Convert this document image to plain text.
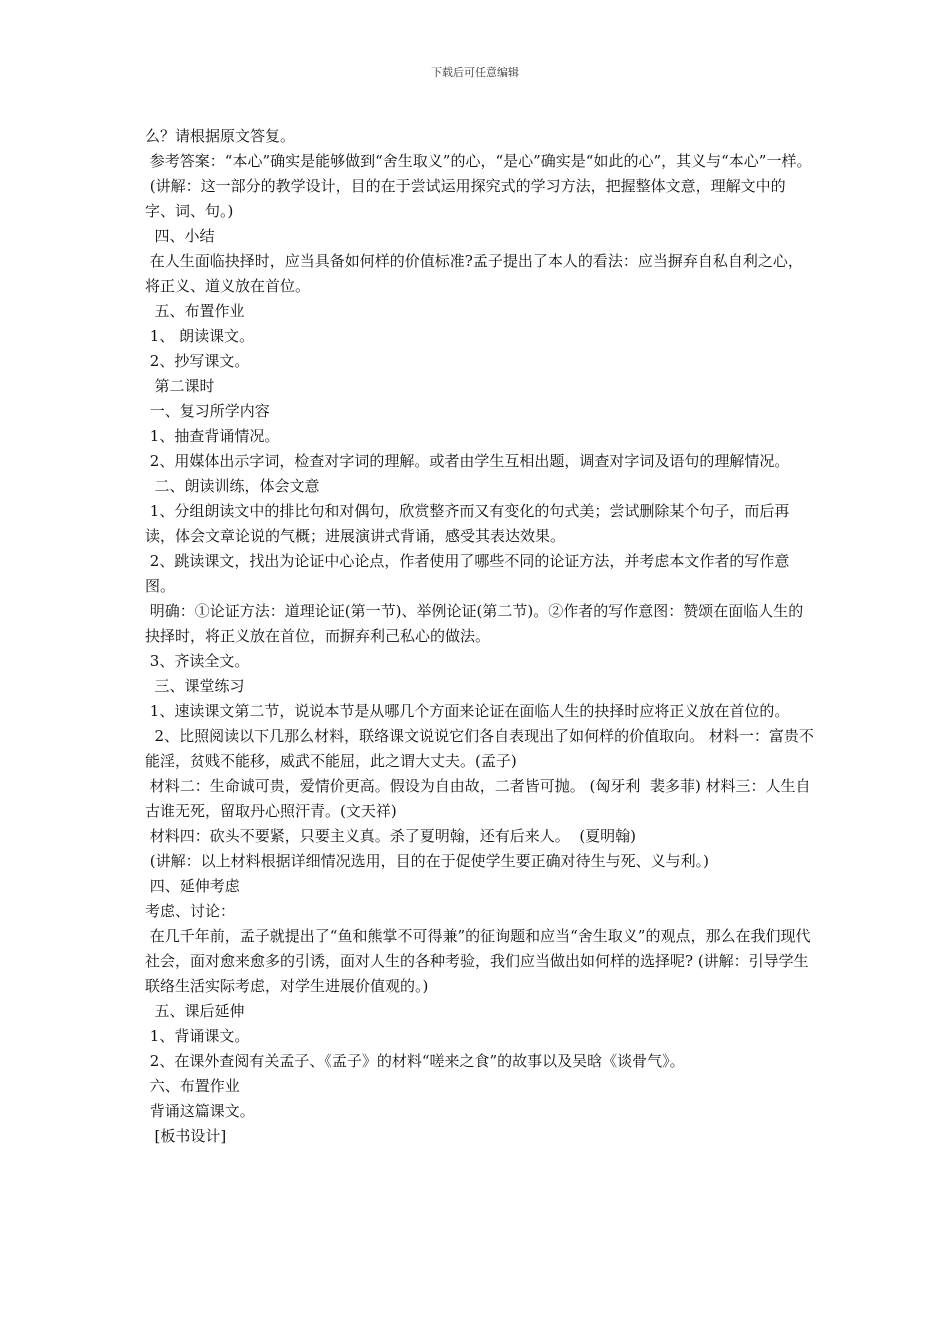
下载后可任意编辑

么？请根据原文答复。

参考答案：“本心”确实是能够做到“舍生取义”的心，“是心”确实是“如此的心”，其义与“本心”一样。

(讲解：这一部分的教学设计，目的在于尝试运用探究式的学习方法，把握整体文意，理解文中的字、词、句。)

四、小结

在人生面临抉择时，应当具备如何样的价值标准?孟子提出了本人的看法：应当摒弃自私自利之心，将正义、道义放在首位。

五、布置作业

1、 朗读课文。

2、抄写课文。

第二课时

一、复习所学内容

1、抽查背诵情况。

2、用媒体出示字词，检查对字词的理解。或者由学生互相出题，调查对字词及语句的理解情况。

二、朗读训练，体会文意

1、分组朗读文中的排比句和对偶句，欣赏整齐而又有变化的句式美；尝试删除某个句子，而后再读，体会文章论说的气概；进展演讲式背诵，感受其表达效果。

2、跳读课文，找出为论证中心论点，作者使用了哪些不同的论证方法，并考虑本文作者的写作意图。

明确：①论证方法：道理论证(第一节)、举例论证(第二节)。②作者的写作意图：赞颂在面临人生的抉择时，将正义放在首位，而摒弃利己私心的做法。

3、齐读全文。

三、课堂练习

1、速读课文第二节，说说本节是从哪几个方面来论证在面临人生的抉择时应将正义放在首位的。

2、比照阅读以下几那么材料，联络课文说说它们各自表现出了如何样的价值取向。 材料一：富贵不能淫，贫贱不能移，威武不能屈，此之谓大丈夫。(孟子)

材料二：生命诚可贵，爱情价更高。假设为自由故，二者皆可抛。 (匈牙利  裴多菲) 材料三：人生自古谁无死，留取丹心照汗青。(文天祥)

材料四：砍头不要紧，只要主义真。杀了夏明翰，还有后来人。  (夏明翰)

(讲解：以上材料根据详细情况选用，目的在于促使学生要正确对待生与死、义与利。)

四、延伸考虑

考虑、讨论：

在几千年前，孟子就提出了“鱼和熊掌不可得兼”的征询题和应当“舍生取义”的观点，那么在我们现代社会，面对愈来愈多的引诱，面对人生的各种考验，我们应当做出如何样的选择呢? (讲解：引导学生联络生活实际考虑，对学生进展价值观的。)

五、课后延伸

1、背诵课文。

2、在课外查阅有关孟子、《孟子》的材料“嗟来之食”的故事以及吴晗《谈骨气》。

六、布置作业

背诵这篇课文。

[板书设计]
